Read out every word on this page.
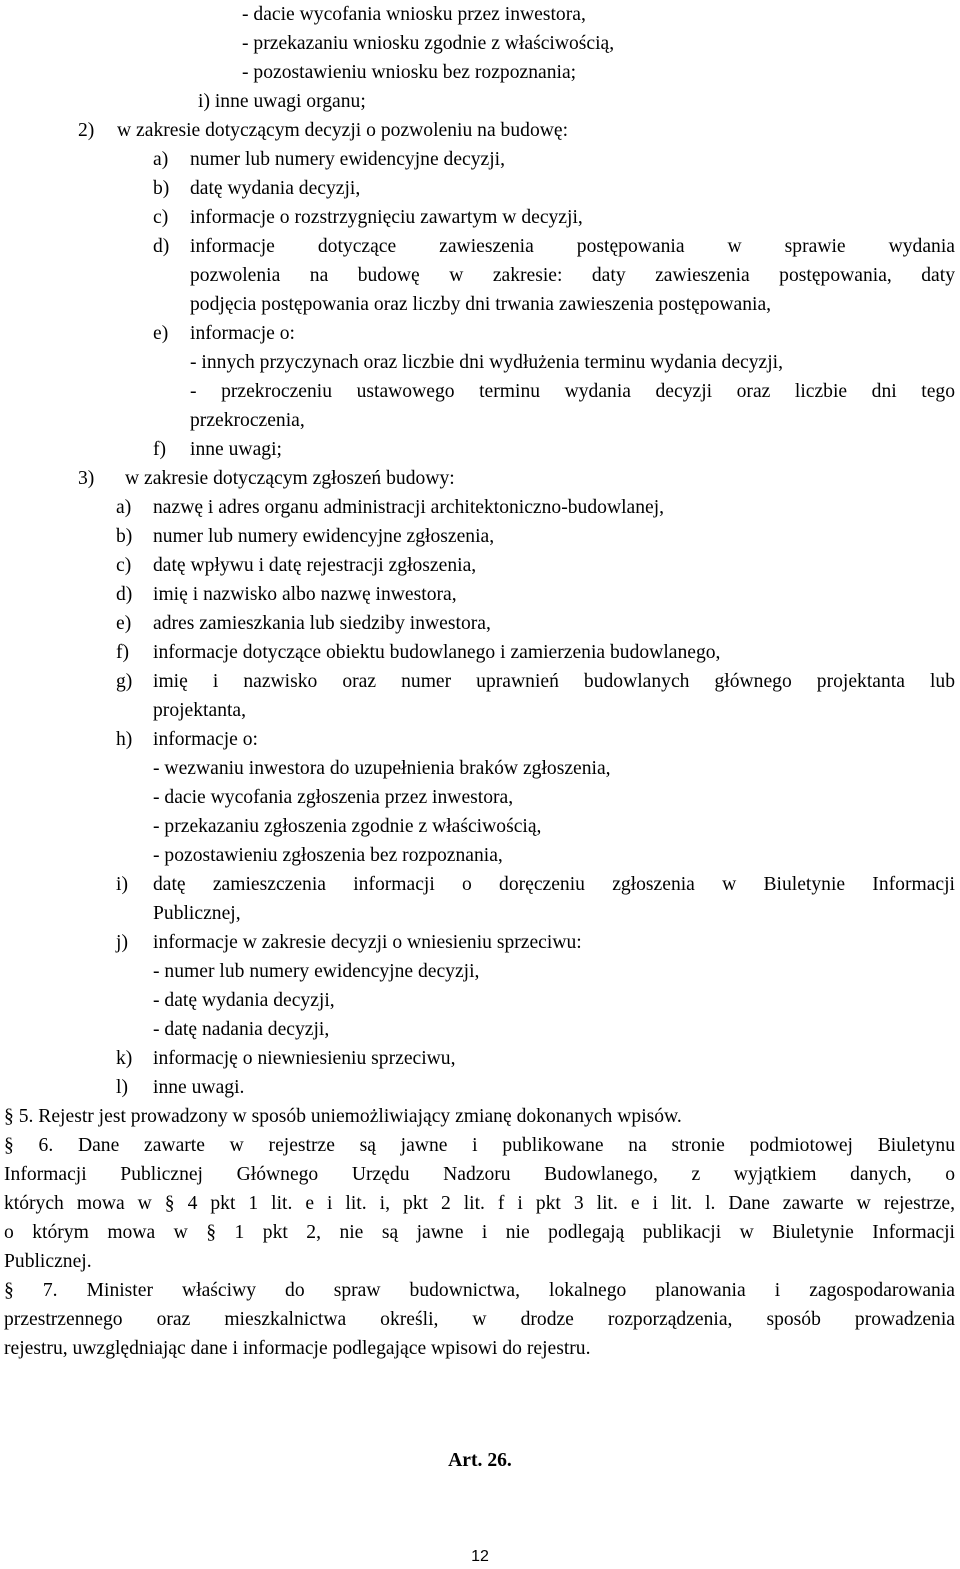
- dacie wycofania wniosku przez inwestora,
- przekazaniu wniosku zgodnie z właściwością,
- pozostawieniu wniosku bez rozpoznania;
i) inne uwagi organu;
2) w zakresie dotyczącym decyzji o pozwoleniu na budowę:
a) numer lub numery ewidencyjne decyzji,
b) datę wydania decyzji,
c) informacje o rozstrzygnięciu zawartym w decyzji,
d) informacje dotyczące zawieszenia postępowania w sprawie wydania
pozwolenia na budowę w zakresie: daty zawieszenia postępowania, daty
podjęcia postępowania oraz liczby dni trwania zawieszenia postępowania,
e) informacje o:
- innych przyczynach oraz liczbie dni wydłużenia terminu wydania decyzji,
- przekroczeniu ustawowego terminu wydania decyzji oraz liczbie dni tego
przekroczenia,
f) inne uwagi;
3) w zakresie dotyczącym zgłoszeń budowy:
a) nazwę i adres organu administracji architektoniczno-budowlanej,
b) numer lub numery ewidencyjne zgłoszenia,
c) datę wpływu i datę rejestracji zgłoszenia,
d) imię i nazwisko albo nazwę inwestora,
e) adres zamieszkania lub siedziby inwestora,
f) informacje dotyczące obiektu budowlanego i zamierzenia budowlanego,
g) imię i nazwisko oraz numer uprawnień budowlanych głównego projektanta lub
projektanta,
h) informacje o:
- wezwaniu inwestora do uzupełnienia braków zgłoszenia,
- dacie wycofania zgłoszenia przez inwestora,
- przekazaniu zgłoszenia zgodnie z właściwością,
- pozostawieniu zgłoszenia bez rozpoznania,
i) datę zamieszczenia informacji o doręczeniu zgłoszenia w Biuletynie Informacji
Publicznej,
j) informacje w zakresie decyzji o wniesieniu sprzeciwu:
- numer lub numery ewidencyjne decyzji,
- datę wydania decyzji,
- datę nadania decyzji,
k) informację o niewniesieniu sprzeciwu,
l) inne uwagi.
§ 5. Rejestr jest prowadzony w sposób uniemożliwiający zmianę dokonanych wpisów.
§ 6. Dane zawarte w rejestrze są jawne i publikowane na stronie podmiotowej Biuletynu
Informacji Publicznej Głównego Urzędu Nadzoru Budowlanego, z wyjątkiem danych, o
których mowa w § 4 pkt 1 lit. e i lit. i, pkt 2 lit. f i pkt 3 lit. e i lit. l. Dane zawarte w rejestrze,
o którym mowa w § 1 pkt 2, nie są jawne i nie podlegają publikacji w Biuletynie Informacji
Publicznej.
§ 7. Minister właściwy do spraw budownictwa, lokalnego planowania i zagospodarowania
przestrzennego oraz mieszkalnictwa określi, w drodze rozporządzenia, sposób prowadzenia
rejestru, uwzględniając dane i informacje podlegające wpisowi do rejestru.
Art. 26.
12
